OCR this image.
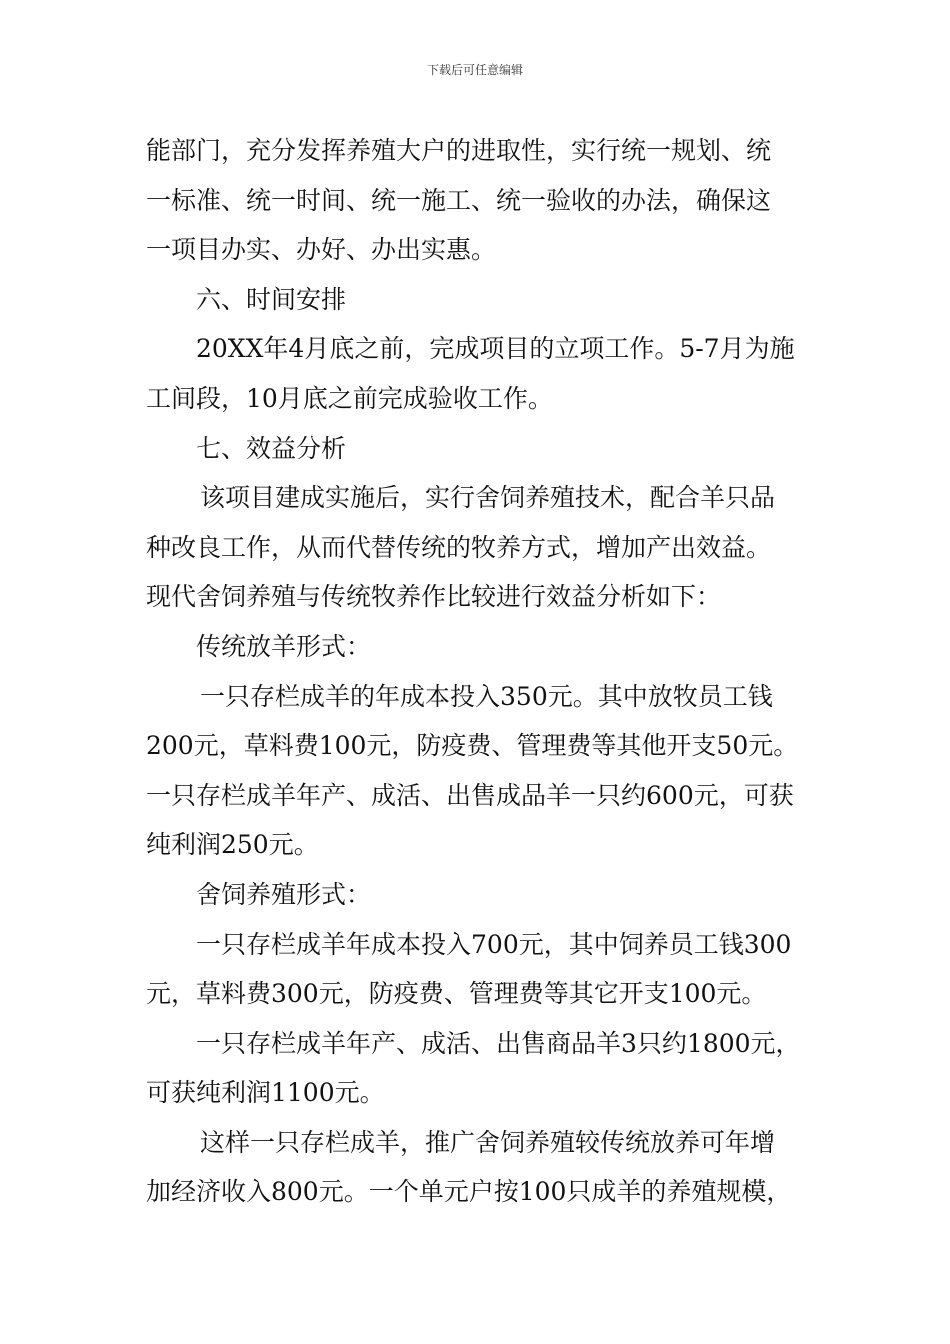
下载后可任意编辑
能部门，充分发挥养殖大户的进取性，实行统一规划、统
一标准、统一时间、统一施工、统一验收的办法，确保这
一项目办实、办好、办出实惠。
六、时间安排
20XX年4月底之前，完成项目的立项工作。5-7月为施
工间段，10月底之前完成验收工作。
七、效益分析
该项目建成实施后，实行舍饲养殖技术，配合羊只品
种改良工作，从而代替传统的牧养方式，增加产出效益。
现代舍饲养殖与传统牧养作比较进行效益分析如下：
传统放羊形式：
一只存栏成羊的年成本投入350元。其中放牧员工钱
200元，草料费100元，防疫费、管理费等其他开支50元。
一只存栏成羊年产、成活、出售成品羊一只约600元，可获
纯利润250元。
舍饲养殖形式：
一只存栏成羊年成本投入700元，其中饲养员工钱300
元，草料费300元，防疫费、管理费等其它开支100元。
一只存栏成羊年产、成活、出售商品羊3只约1800元，
可获纯利润1100元。
这样一只存栏成羊，推广舍饲养殖较传统放养可年增
加经济收入800元。一个单元户按100只成羊的养殖规模，
